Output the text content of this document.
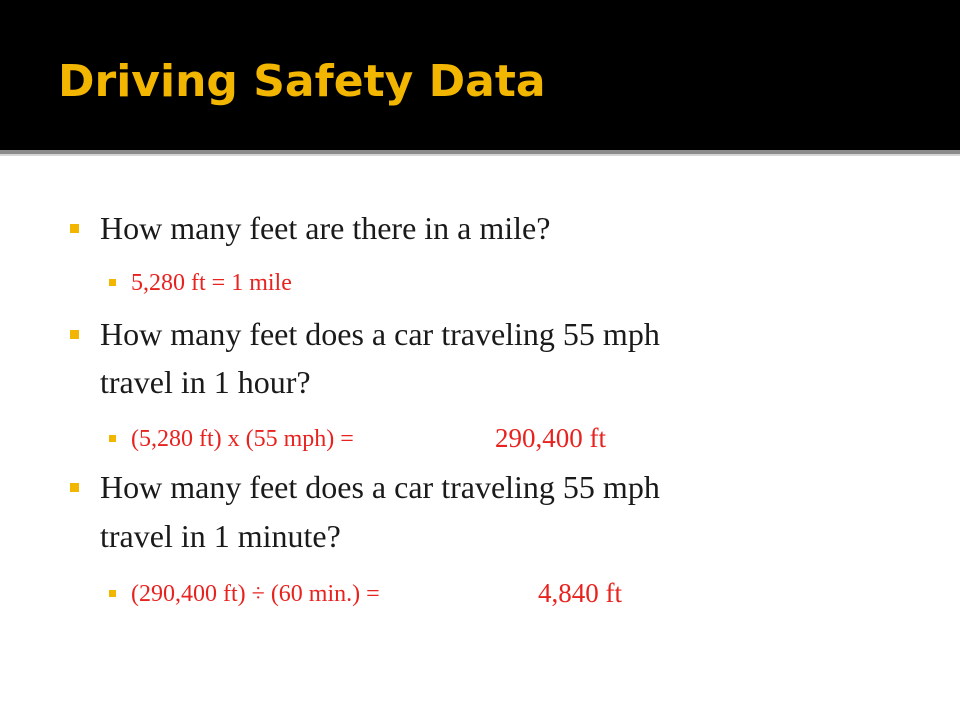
Driving Safety Data

How many feet are there in a mile?

5,280 ft = 1 mile

How many feet does a car traveling 55 mph

travel in 1 hour?

(5,280 ft) x (55 mph) =	290,400 ft

How many feet does a car traveling 55 mph

travel in 1 minute?

(290,400 ft) ÷ (60 min.) =	4,840 ft
